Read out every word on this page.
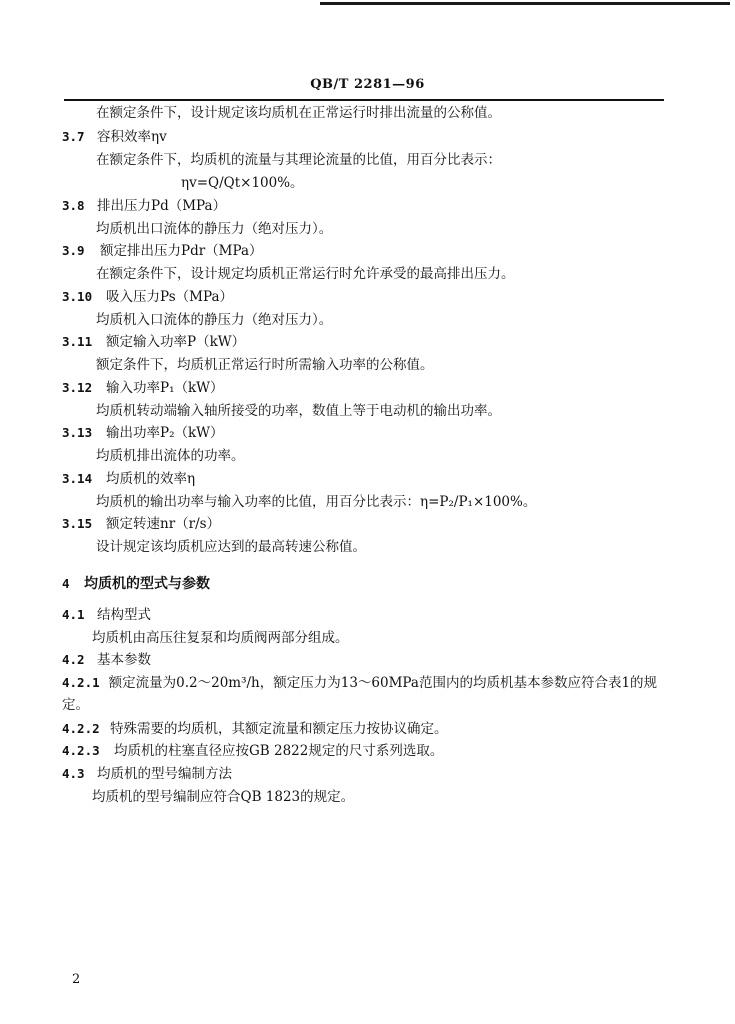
QB/T 2281—96
在额定条件下，设计规定该均质机在正常运行时排出流量的公称值。
3.7 容积效率ηv
在额定条件下，均质机的流量与其理论流量的比值，用百分比表示：
ηv=Q/Qt×100%。
3.8 排出压力Pd（MPa）
均质机出口流体的静压力（绝对压力）。
3.9 额定排出压力Pdr（MPa）
在额定条件下，设计规定均质机正常运行时允许承受的最高排出压力。
3.10 吸入压力Ps（MPa）
均质机入口流体的静压力（绝对压力）。
3.11 额定输入功率P（kW）
额定条件下，均质机正常运行时所需输入功率的公称值。
3.12 输入功率P₁（kW）
均质机转动端输入轴所接受的功率，数值上等于电动机的输出功率。
3.13 输出功率P₂（kW）
均质机排出流体的功率。
3.14 均质机的效率η
均质机的输出功率与输入功率的比值，用百分比表示：η=P₂/P₁×100%。
3.15 额定转速nr（r/s）
设计规定该均质机应达到的最高转速公称值。
4 均质机的型式与参数
4.1 结构型式
均质机由高压往复泵和均质阀两部分组成。
4.2 基本参数
4.2.1 额定流量为0.2～20m³/h，额定压力为13～60MPa范围内的均质机基本参数应符合表1的规定。
4.2.2 特殊需要的均质机，其额定流量和额定压力按协议确定。
4.2.3 均质机的柱塞直径应按GB 2822规定的尺寸系列选取。
4.3 均质机的型号编制方法
均质机的型号编制应符合QB 1823的规定。
2
